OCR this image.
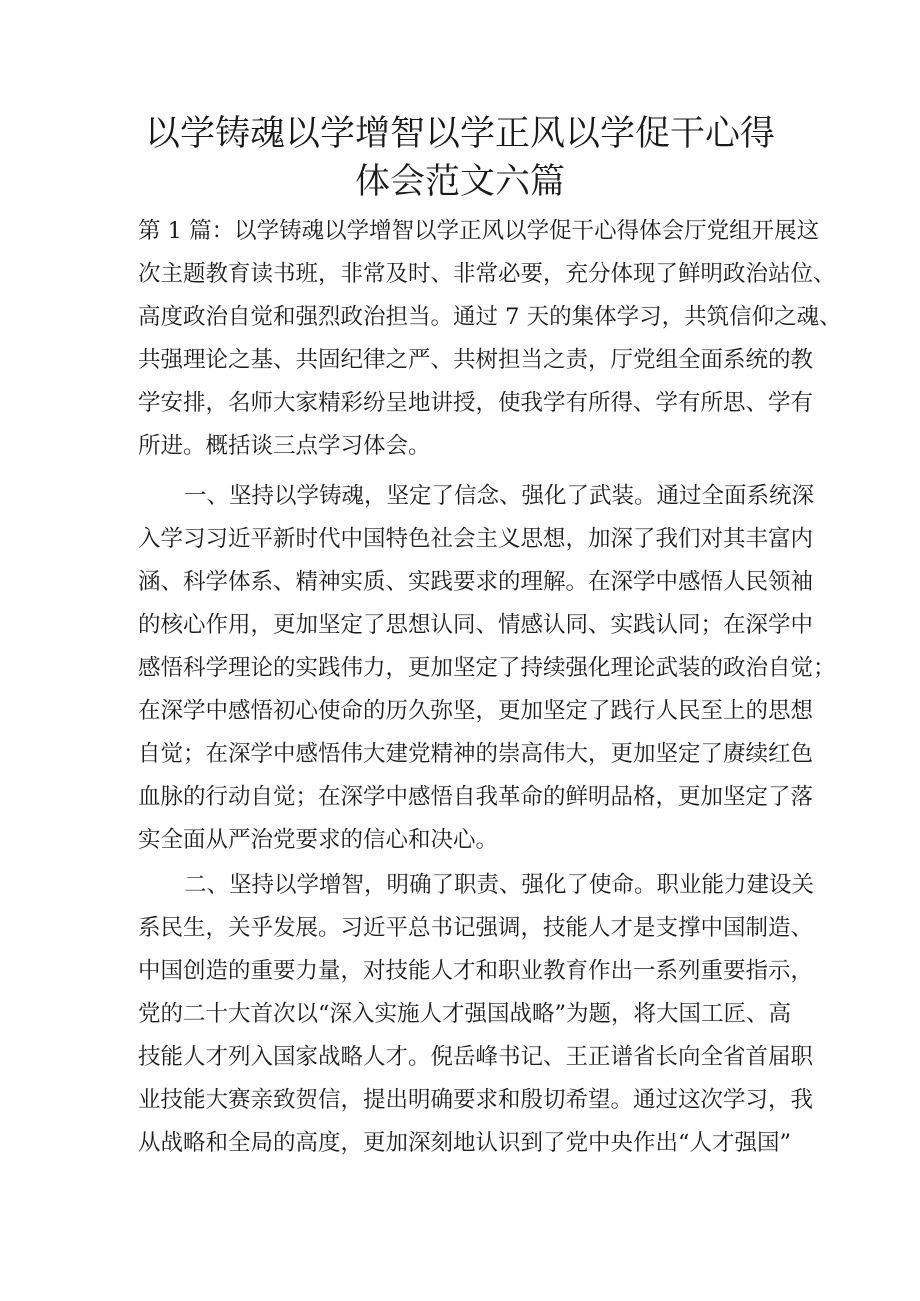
以学铸魂以学增智以学正风以学促干心得
体会范文六篇
第 1 篇：以学铸魂以学增智以学正风以学促干心得体会厅党组开展这
次主题教育读书班，非常及时、非常必要，充分体现了鲜明政治站位、
高度政治自觉和强烈政治担当。通过 7 天的集体学习，共筑信仰之魂、
共强理论之基、共固纪律之严、共树担当之责，厅党组全面系统的教
学安排，名师大家精彩纷呈地讲授，使我学有所得、学有所思、学有
所进。概括谈三点学习体会。
一、坚持以学铸魂，坚定了信念、强化了武装。通过全面系统深
入学习习近平新时代中国特色社会主义思想，加深了我们对其丰富内
涵、科学体系、精神实质、实践要求的理解。在深学中感悟人民领袖
的核心作用，更加坚定了思想认同、情感认同、实践认同；在深学中
感悟科学理论的实践伟力，更加坚定了持续强化理论武装的政治自觉；
在深学中感悟初心使命的历久弥坚，更加坚定了践行人民至上的思想
自觉；在深学中感悟伟大建党精神的崇高伟大，更加坚定了赓续红色
血脉的行动自觉；在深学中感悟自我革命的鲜明品格，更加坚定了落
实全面从严治党要求的信心和决心。
二、坚持以学增智，明确了职责、强化了使命。职业能力建设关
系民生，关乎发展。习近平总书记强调，技能人才是支撑中国制造、
中国创造的重要力量，对技能人才和职业教育作出一系列重要指示，
党的二十大首次以“深入实施人才强国战略”为题，将大国工匠、高
技能人才列入国家战略人才。倪岳峰书记、王正谱省长向全省首届职
业技能大赛亲致贺信，提出明确要求和殷切希望。通过这次学习，我
从战略和全局的高度，更加深刻地认识到了党中央作出“人才强国”
